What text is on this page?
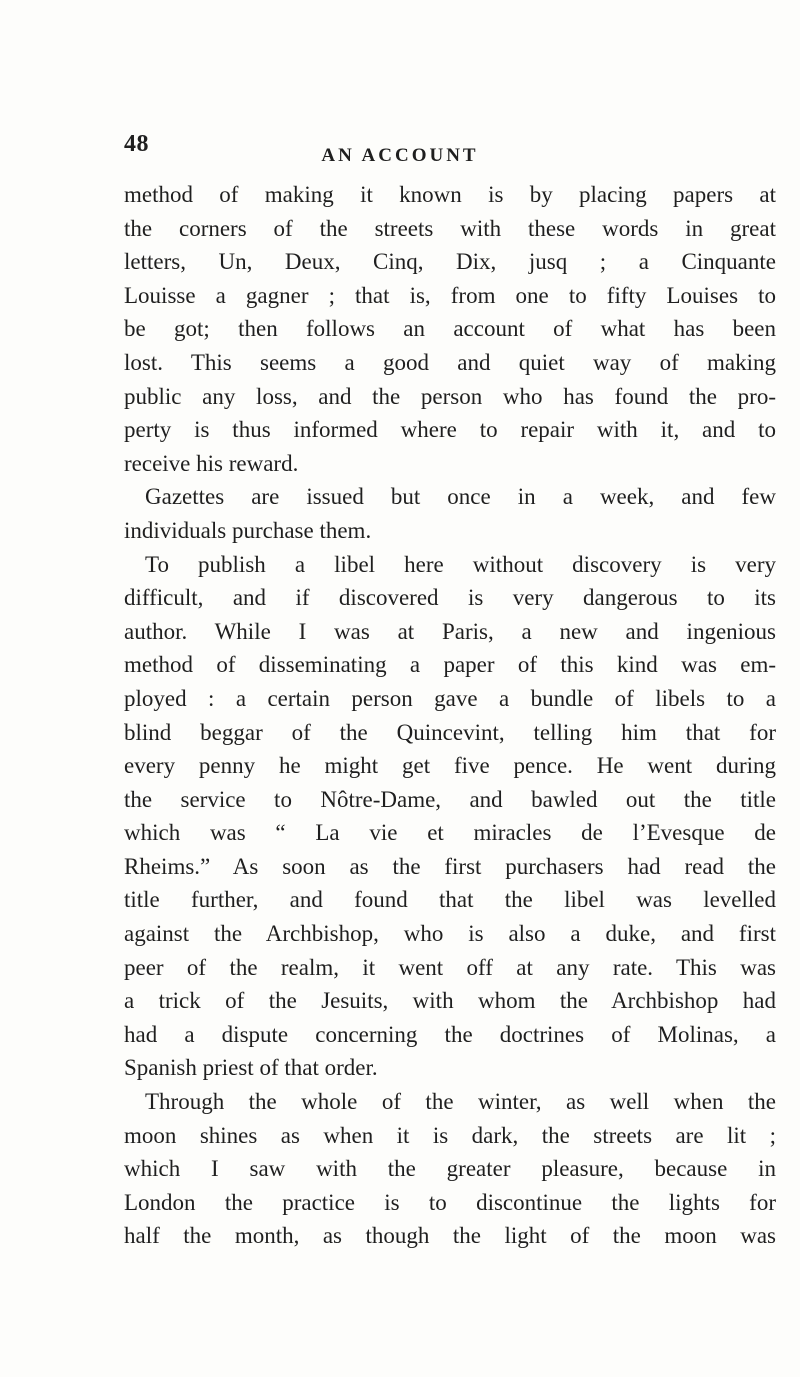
48	AN ACCOUNT
method of making it known is by placing papers at
the corners of the streets with these words in great
letters, Un, Deux, Cinq, Dix, jusq ; a Cinquante
Louisse a gagner ; that is, from one to fifty Louises to
be got; then follows an account of what has been
lost. This seems a good and quiet way of making
public any loss, and the person who has found the pro-
perty is thus informed where to repair with it, and to
receive his reward.
Gazettes are issued but once in a week, and few
individuals purchase them.
To publish a libel here without discovery is very
difficult, and if discovered is very dangerous to its
author. While I was at Paris, a new and ingenious
method of disseminating a paper of this kind was em-
ployed : a certain person gave a bundle of libels to a
blind beggar of the Quincevint, telling him that for
every penny he might get five pence. He went during
the service to Nôtre-Dame, and bawled out the title
which was “ La vie et miracles de l’Evesque de
Rheims.” As soon as the first purchasers had read the
title further, and found that the libel was levelled
against the Archbishop, who is also a duke, and first
peer of the realm, it went off at any rate. This was
a trick of the Jesuits, with whom the Archbishop had
had a dispute concerning the doctrines of Molinas, a
Spanish priest of that order.
Through the whole of the winter, as well when the
moon shines as when it is dark, the streets are lit ;
which I saw with the greater pleasure, because in
London the practice is to discontinue the lights for
half the month, as though the light of the moon was
